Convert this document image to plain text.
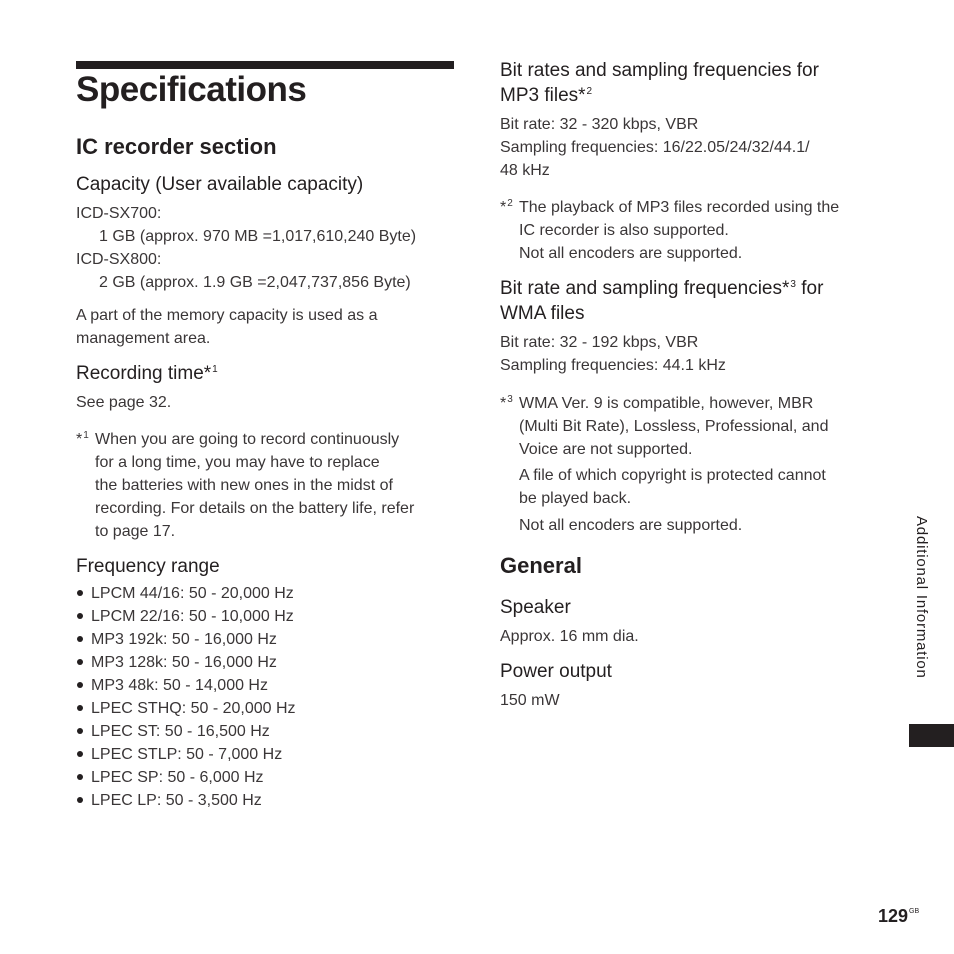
Specifications
IC recorder section
Capacity (User available capacity)
ICD-SX700:
1 GB (approx. 970 MB =1,017,610,240 Byte)
ICD-SX800:
2 GB (approx. 1.9 GB =2,047,737,856 Byte)
A part of the memory capacity is used as a
management area.
Recording time*$^1$
See page 32.
*$^1$ When you are going to record continuously
for a long time, you may have to replace
the batteries with new ones in the midst of
recording. For details on the battery life, refer
to page 17.
Frequency range
LPCM 44/16: 50 - 20,000 Hz
LPCM 22/16: 50 - 10,000 Hz
MP3 192k: 50 - 16,000 Hz
MP3 128k: 50 - 16,000 Hz
MP3 48k: 50 - 14,000 Hz
LPEC STHQ: 50 - 20,000 Hz
LPEC ST: 50 - 16,500 Hz
LPEC STLP: 50 - 7,000 Hz
LPEC SP: 50 - 6,000 Hz
LPEC LP: 50 - 3,500 Hz
Bit rates and sampling frequencies for
MP3 files*$^2$
Bit rate: 32 - 320 kbps, VBR
Sampling frequencies: 16/22.05/24/32/44.1/
48 kHz
*$^2$ The playback of MP3 files recorded using the
IC recorder is also supported.
Not all encoders are supported.
Bit rate and sampling frequencies*$^3$ for
WMA files
Bit rate: 32 - 192 kbps, VBR
Sampling frequencies: 44.1 kHz
*$^3$ WMA Ver. 9 is compatible, however, MBR
(Multi Bit Rate), Lossless, Professional, and
Voice are not supported.
A file of which copyright is protected cannot
be played back.
Not all encoders are supported.
General
Speaker
Approx. 16 mm dia.
Power output
150 mW
Additional Information
$129^{GB}$
